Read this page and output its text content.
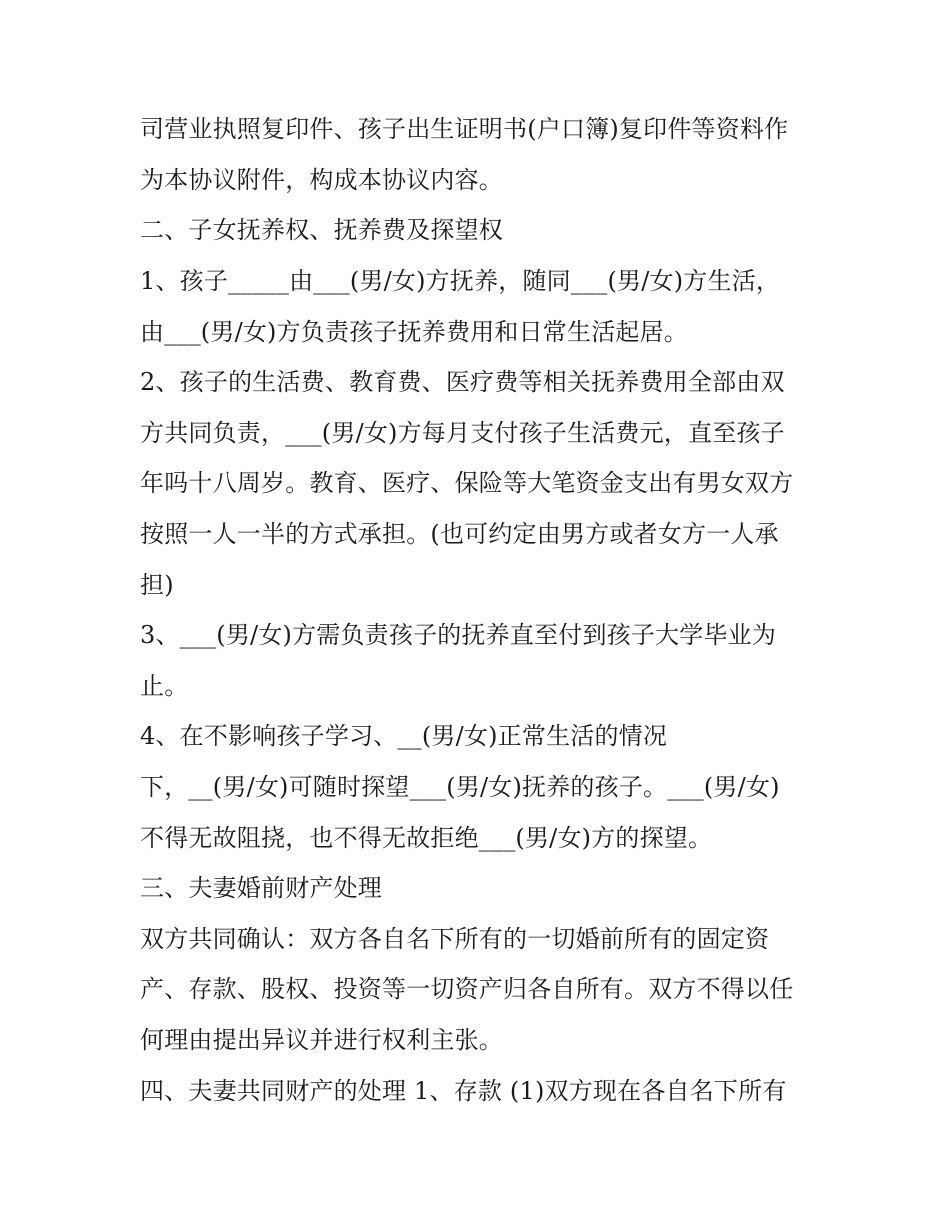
司营业执照复印件、孩子出生证明书(户口簿)复印件等资料作
为本协议附件，构成本协议内容。
二、子女抚养权、抚养费及探望权
1、孩子_____由___(男/女)方抚养，随同___(男/女)方生活，
由___(男/女)方负责孩子抚养费用和日常生活起居。
2、孩子的生活费、教育费、医疗费等相关抚养费用全部由双
方共同负责，___(男/女)方每月支付孩子生活费元，直至孩子
年吗十八周岁。教育、医疗、保险等大笔资金支出有男女双方
按照一人一半的方式承担。(也可约定由男方或者女方一人承
担)
3、___(男/女)方需负责孩子的抚养直至付到孩子大学毕业为
止。
4、在不影响孩子学习、__(男/女)正常生活的情况
下，__(男/女)可随时探望___(男/女)抚养的孩子。___(男/女)
不得无故阻挠，也不得无故拒绝___(男/女)方的探望。
三、夫妻婚前财产处理
双方共同确认：双方各自名下所有的一切婚前所有的固定资
产、存款、股权、投资等一切资产归各自所有。双方不得以任
何理由提出异议并进行权利主张。
四、夫妻共同财产的处理 1、存款 (1)双方现在各自名下所有
